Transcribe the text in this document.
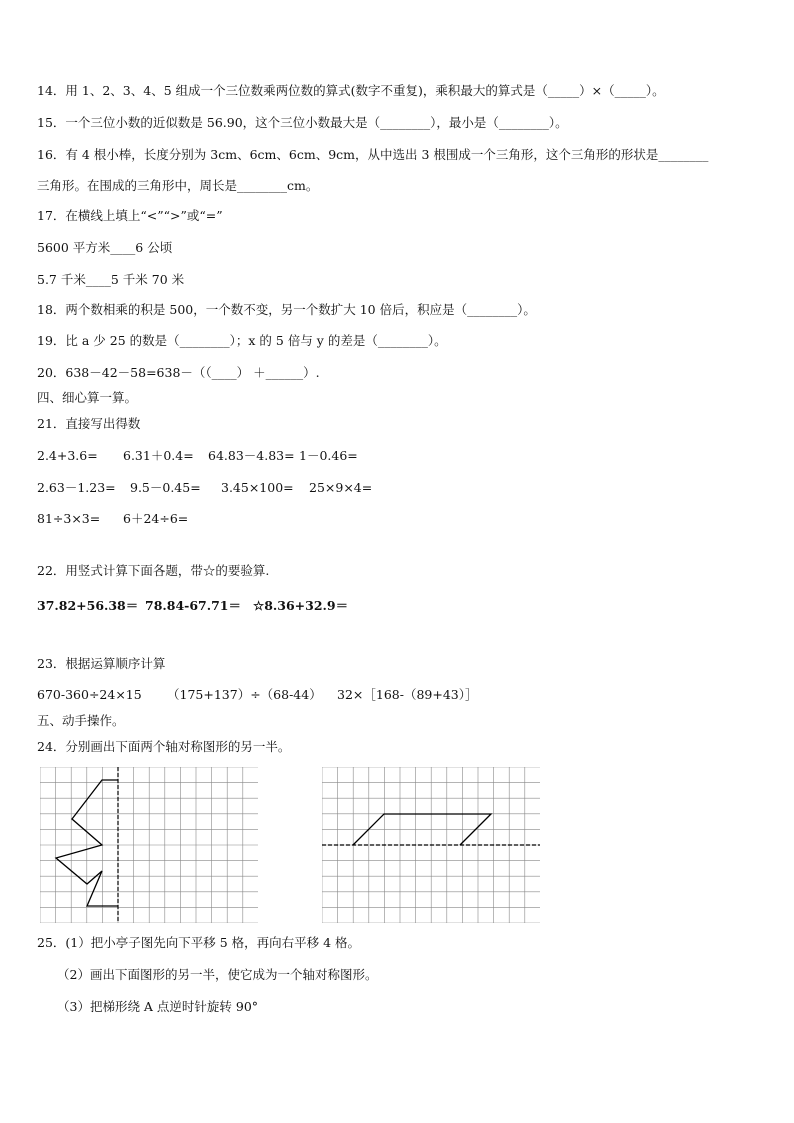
14．用 1、2、3、4、5 组成一个三位数乘两位数的算式(数字不重复)，乘积最大的算式是（_____）×（_____）。
15．一个三位小数的近似数是 56.90，这个三位小数最大是（________），最小是（________）。
16．有 4 根小棒，长度分别为 3cm、6cm、6cm、9cm，从中选出 3 根围成一个三角形，这个三角形的形状是________
三角形。在围成的三角形中，周长是________cm。
17．在横线上填上“<”“>”或“=”
5600 平方米____6 公顷
5.7 千米____5 千米 70 米
18．两个数相乘的积是 500，一个数不变，另一个数扩大 10 倍后，积应是（________）。
19．比 a 少 25 的数是（________）；x 的 5 倍与 y 的差是（________）。
20．638－42－58=638－（（____） ＋______）.
四、细心算一算。
21．直接写出得数
2.4+3.6= 6.31＋0.4= 64.83－4.83= 1－0.46=
2.63－1.23= 9.5－0.45= 3.45×100= 25×9×4=
81÷3×3= 6＋24÷6=
22．用竖式计算下面各题，带☆的要验算.
37.82+56.38＝ 78.84-67.71＝ ☆8.36+32.9＝
23．根据运算顺序计算
670-360÷24×15 （175+137）÷（68-44） 32×［168-（89+43）］
五、动手操作。
24．分别画出下面两个轴对称图形的另一半。
25．(1）把小亭子图先向下平移 5 格，再向右平移 4 格。
（2）画出下面图形的另一半，使它成为一个轴对称图形。
（3）把梯形绕 A 点逆时针旋转 90°
